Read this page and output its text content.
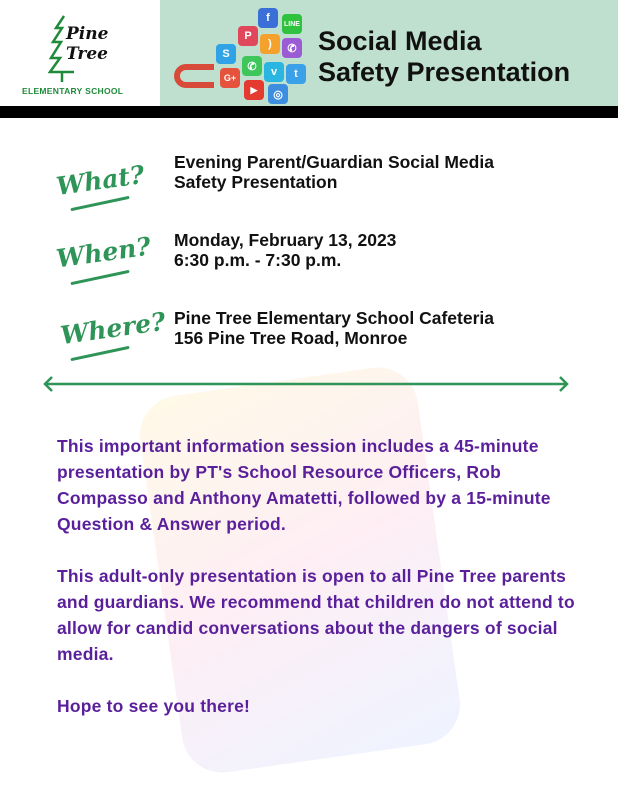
Pine
Tree
ELEMENTARY SCHOOL
f	LINE
P
)	✆
S
✆	v	t
G+
▶	◎
Social Media
Safety Presentation
What? Evening Parent/Guardian Social Media
Safety Presentation
When? Monday, February 13, 2023
6:30 p.m. - 7:30 p.m.
Where? Pine Tree Elementary School Cafeteria
156 Pine Tree Road, Monroe

This important information session includes a 45-minute presentation by PT's School Resource Officers, Rob Compasso and Anthony Amatetti, followed by a 15-minute Question & Answer period.

This adult-only presentation is open to all Pine Tree parents and guardians. We recommend that children do not attend to allow for candid conversations about the dangers of social media.

Hope to see you there!
